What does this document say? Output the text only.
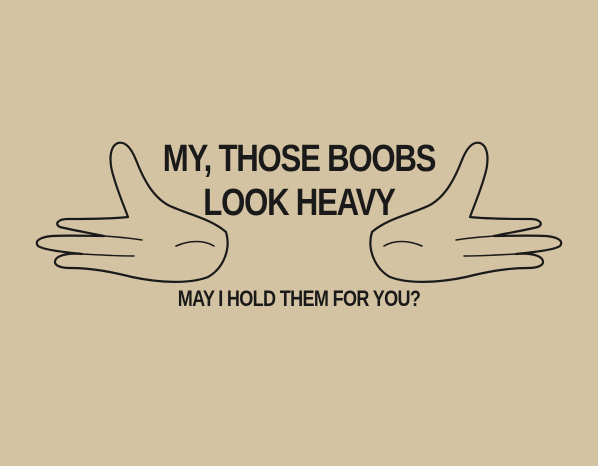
MY, THOSE BOOBS
LOOK HEAVY
MAY I HOLD THEM FOR YOU?
